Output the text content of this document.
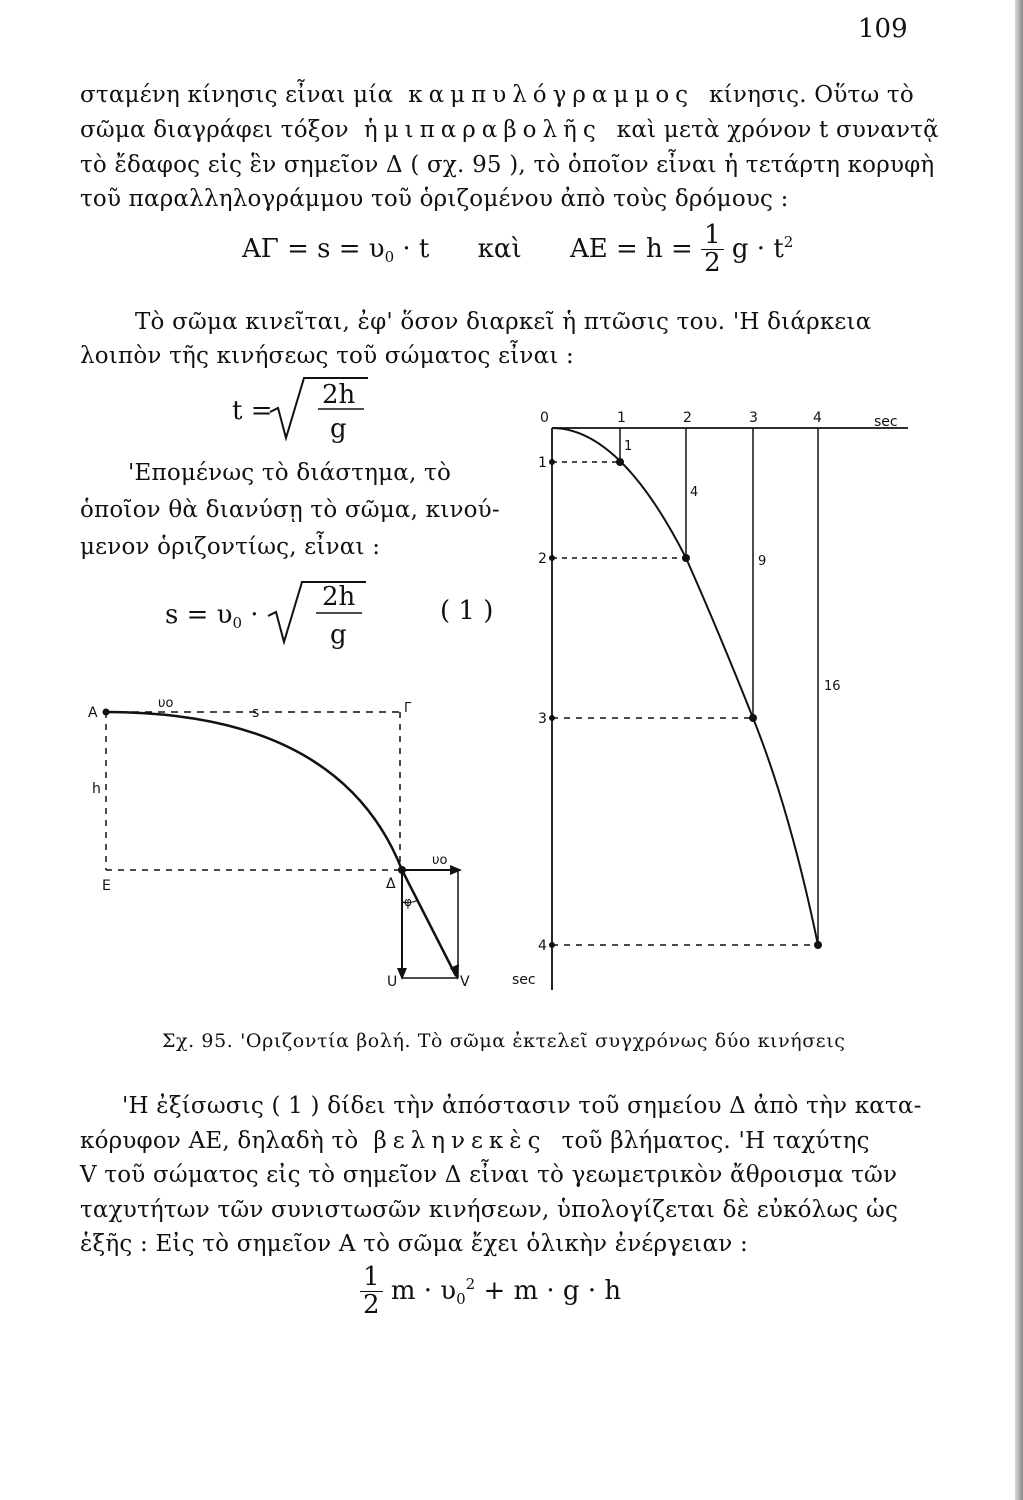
109
σταμένη κίνησις εἶναι μία καμπυλόγραμμος κίνησις. Οὕτω τὸ
σῶμα διαγράφει τόξον ἡμιπαραβολῆς καὶ μετὰ χρόνον t συναντᾷ
τὸ ἔδαφος εἰς ἓν σημεῖον Δ ( σχ. 95 ), τὸ ὁποῖον εἶναι ἡ τετάρτη κορυφὴ
τοῦ παραλληλογράμμου τοῦ ὁριζομένου ἀπὸ τοὺς δρόμους :
$A\Gamma = s = \upsilon_0 \cdot t$ καὶ $AE = h = \frac{1}{2}$ $g \cdot t^2$
Τὸ σῶμα κινεῖται, ἐφ' ὅσον διαρκεῖ ἡ πτῶσις του. 'Η διάρκεια
λοιπὸν τῆς κινήσεως τοῦ σώματος εἶναι :
t =
2h
g
'Επομένως τὸ διάστημα, τὸ
ὁποῖον θὰ διανύσῃ τὸ σῶμα, κινού-
μενον ὁριζοντίως, εἶναι :
$s = \upsilon_0$ ·
2h
g
( 1 )
A
υo
s	Γ
h
E	Δ
υo
φ
U	V
0	1	2	3	4	sec
1
2
3
4
sec
1
4
9
16
Σχ. 95. 'Οριζοντία βολή. Τὸ σῶμα ἐκτελεῖ συγχρόνως δύο κινήσεις
'Η ἐξίσωσις ( 1 ) δίδει τὴν ἀπόστασιν τοῦ σημείου Δ ἀπὸ τὴν κατα-
κόρυφον ΑΕ, δηλαδὴ τὸ βεληνεκὲς τοῦ βλήματος. 'Η ταχύτης
V τοῦ σώματος εἰς τὸ σημεῖον Δ εἶναι τὸ γεωμετρικὸν ἄθροισμα τῶν
ταχυτήτων τῶν συνιστωσῶν κινήσεων, ὑπολογίζεται δὲ εὐκόλως ὡς
ἑξῆς : Εἰς τὸ σημεῖον Α τὸ σῶμα ἔχει ὁλικὴν ἐνέργειαν :
$\frac{1}{2}$ $m \cdot \upsilon_0^2 + m \cdot g \cdot h$
